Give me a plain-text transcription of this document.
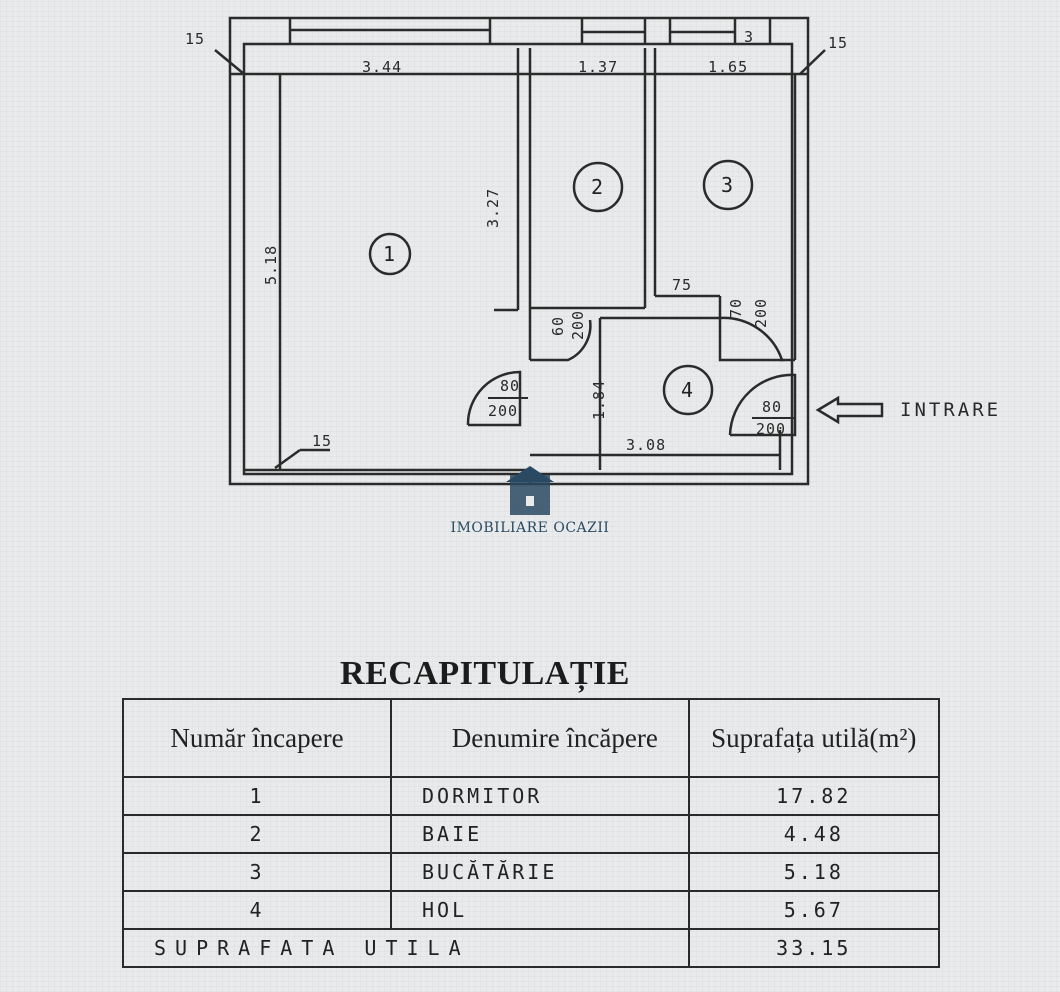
1
2	3
4
15	15
15
3.44	1.37	1.65
3
5.18
3.27
1.84
3.08
75
70 200
60 200
80
200	80
200
INTRARE
IMOBILIARE OCAZII
RECAPITULAȚIE
Număr încapere	Denumire încăpere	Suprafața utilă(m²)
1	DORMITOR	17.82
2	BAIE	4.48
3	BUCĂTĂRIE	5.18
4	HOL	5.67
SUPRAFATA UTILA		33.15
